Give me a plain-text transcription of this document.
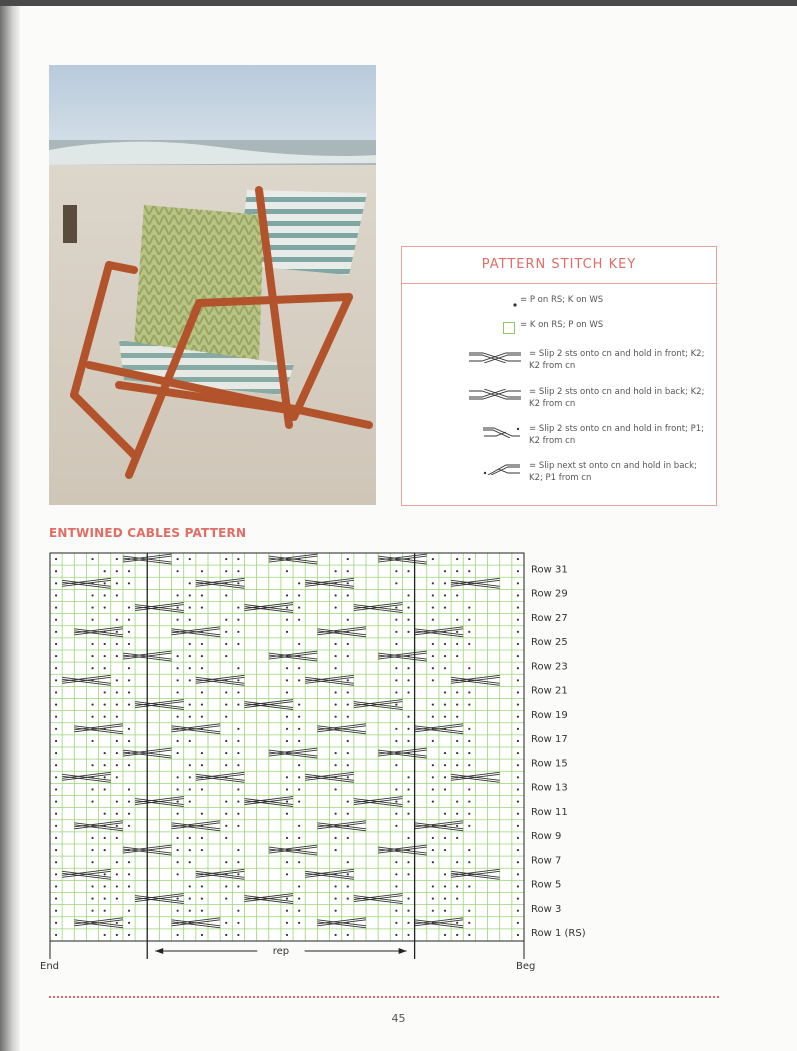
PATTERN STITCH KEY
= P on RS; K on WS
= K on RS; P on WS
= Slip 2 sts onto cn and hold in front; K2; K2 from cn
= Slip 2 sts onto cn and hold in back; K2; K2 from cn
= Slip 2 sts onto cn and hold in front; P1; K2 from cn
= Slip next st onto cn and hold in back; K2; P1 from cn
ENTWINED CABLES PATTERN
rep
End	Beg
Row 31
Row 29
Row 27
Row 25
Row 23
Row 21
Row 19
Row 17
Row 15
Row 13
Row 11
Row 9
Row 7
Row 5
Row 3
Row 1 (RS)
45
